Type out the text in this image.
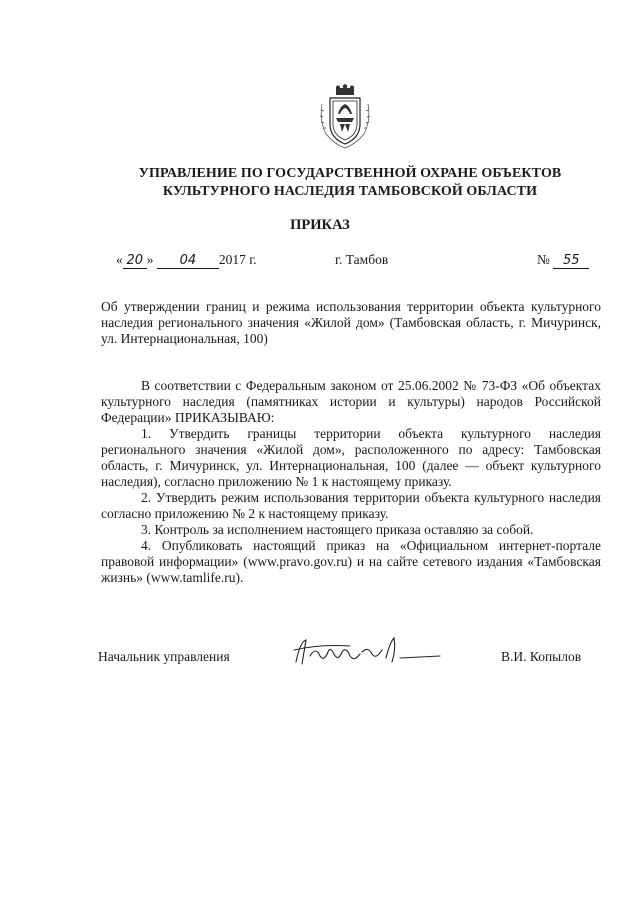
УПРАВЛЕНИЕ ПО ГОСУДАРСТВЕННОЙ ОХРАНЕ ОБЪЕКТОВ
КУЛЬТУРНОГО НАСЛЕДИЯ ТАМБОВСКОЙ ОБЛАСТИ
ПРИКАЗ
« 20 » 04 2017 г.	г. Тамбов	№ 55
Об утверждении границ и режима использования территории объекта культурного наследия регионального значения «Жилой дом» (Тамбовская область, г. Мичуринск, ул. Интернациональная, 100)

В соответствии с Федеральным законом от 25.06.2002 № 73-ФЗ «Об объектах культурного наследия (памятниках истории и культуры) народов Российской Федерации» ПРИКАЗЫВАЮ:

1. Утвердить границы территории объекта культурного наследия регионального значения «Жилой дом», расположенного по адресу: Тамбовская область, г. Мичуринск, ул. Интернациональная, 100 (далее — объект культурного наследия), согласно приложению № 1 к настоящему приказу.

2. Утвердить режим использования территории объекта культурного наследия согласно приложению № 2 к настоящему приказу.

3. Контроль за исполнением настоящего приказа оставляю за собой.

4. Опубликовать настоящий приказ на «Официальном интернет-портале правовой информации» (www.pravo.gov.ru) и на сайте сетевого издания «Тамбовская жизнь» (www.tamlife.ru).

Начальник управления	В.И. Копылов
